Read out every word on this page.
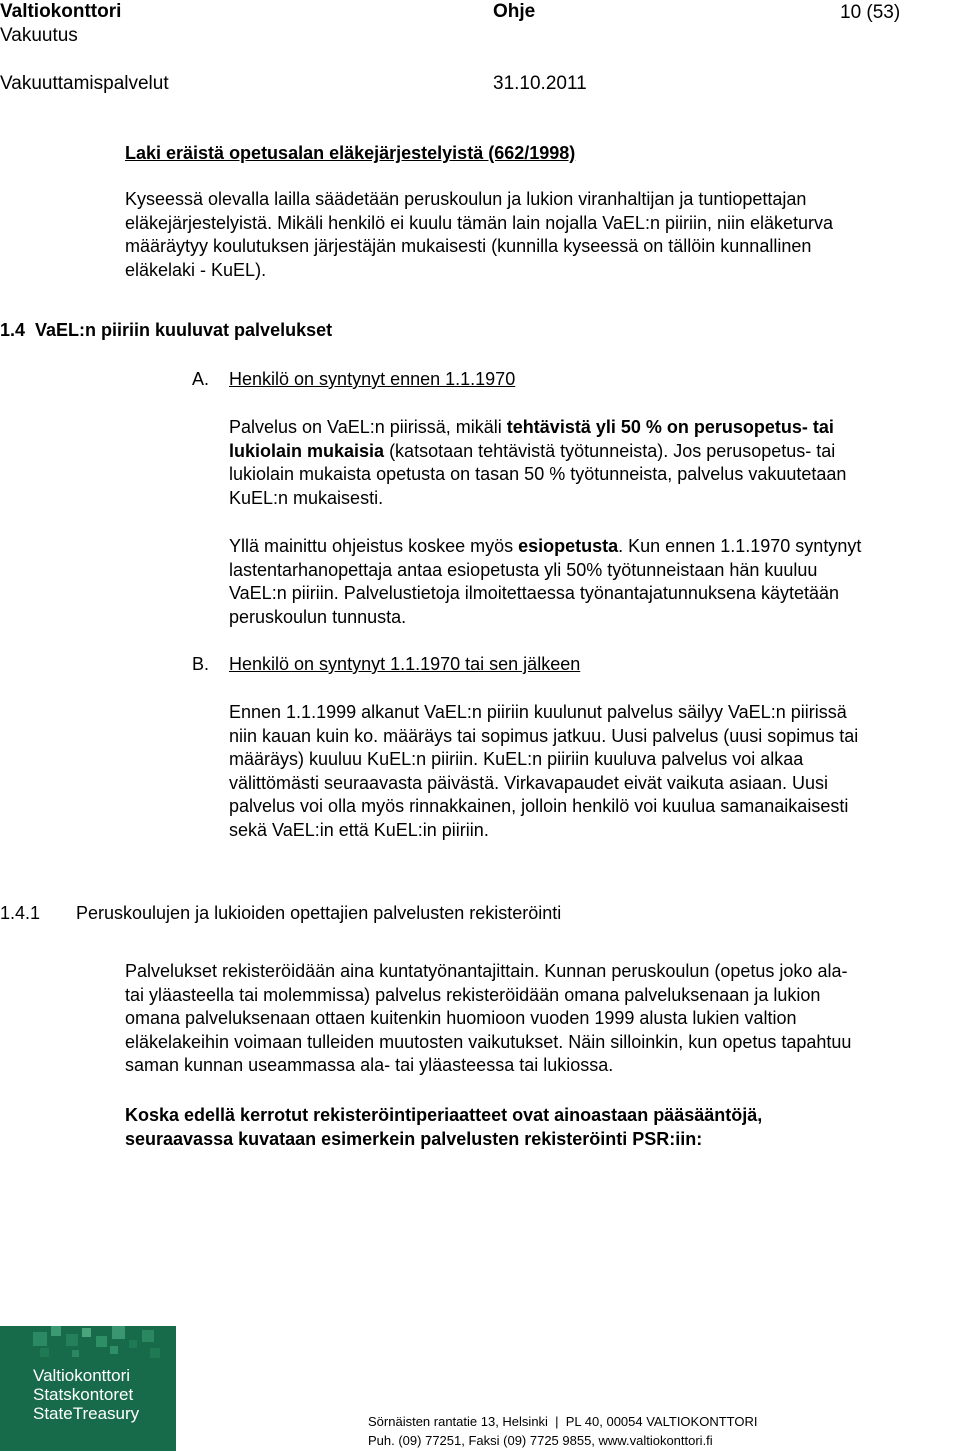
Valtiokonttori
Vakuutus
Ohje	10 (53)
Vakuuttamispalvelut	31.10.2011
Laki eräistä opetusalan eläkejärjestelyistä (662/1998)
Kyseessä olevalla lailla säädetään peruskoulun ja lukion viranhaltijan ja tuntiopettajan
eläkejärjestelyistä. Mikäli henkilö ei kuulu tämän lain nojalla VaEL:n piiriin, niin eläketurva
määräytyy koulutuksen järjestäjän mukaisesti (kunnilla kyseessä on tällöin kunnallinen
eläkelaki - KuEL).
1.4  VaEL:n piiriin kuuluvat palvelukset
A. Henkilö on syntynyt ennen 1.1.1970
Palvelus on VaEL:n piirissä, mikäli tehtävistä yli 50 % on perusopetus- tai
lukiolain mukaisia (katsotaan tehtävistä työtunneista). Jos perusopetus- tai
lukiolain mukaista opetusta on tasan 50 % työtunneista, palvelus vakuutetaan
KuEL:n mukaisesti.
Yllä mainittu ohjeistus koskee myös esiopetusta. Kun ennen 1.1.1970 syntynyt
lastentarhanopettaja antaa esiopetusta yli 50% työtunneistaan hän kuuluu
VaEL:n piiriin. Palvelustietoja ilmoitettaessa työnantajatunnuksena käytetään
peruskoulun tunnusta.
B. Henkilö on syntynyt 1.1.1970 tai sen jälkeen
Ennen 1.1.1999 alkanut VaEL:n piiriin kuulunut palvelus säilyy VaEL:n piirissä
niin kauan kuin ko. määräys tai sopimus jatkuu. Uusi palvelus (uusi sopimus tai
määräys) kuuluu KuEL:n piiriin. KuEL:n piiriin kuuluva palvelus voi alkaa
välittömästi seuraavasta päivästä. Virkavapaudet eivät vaikuta asiaan. Uusi
palvelus voi olla myös rinnakkainen, jolloin henkilö voi kuulua samanaikaisesti
sekä VaEL:in että KuEL:in piiriin.
1.4.1 Peruskoulujen ja lukioiden opettajien palvelusten rekisteröinti
Palvelukset rekisteröidään aina kuntatyönantajittain. Kunnan peruskoulun (opetus joko ala-
tai yläasteella tai molemmissa) palvelus rekisteröidään omana palveluksenaan ja lukion
omana palveluksenaan ottaen kuitenkin huomioon vuoden 1999 alusta lukien valtion
eläkelakeihin voimaan tulleiden muutosten vaikutukset. Näin silloinkin, kun opetus tapahtuu
saman kunnan useammassa ala- tai yläasteessa tai lukiossa.
Koska edellä kerrotut rekisteröintiperiaatteet ovat ainoastaan pääsääntöjä,
seuraavassa kuvataan esimerkein palvelusten rekisteröinti PSR:iin:
Valtiokonttori
Statskontoret
StateTreasury	Sörnäisten rantatie 13, Helsinki  |  PL 40, 00054 VALTIOKONTTORI
Puh. (09) 77251, Faksi (09) 7725 9855, www.valtiokonttori.fi
